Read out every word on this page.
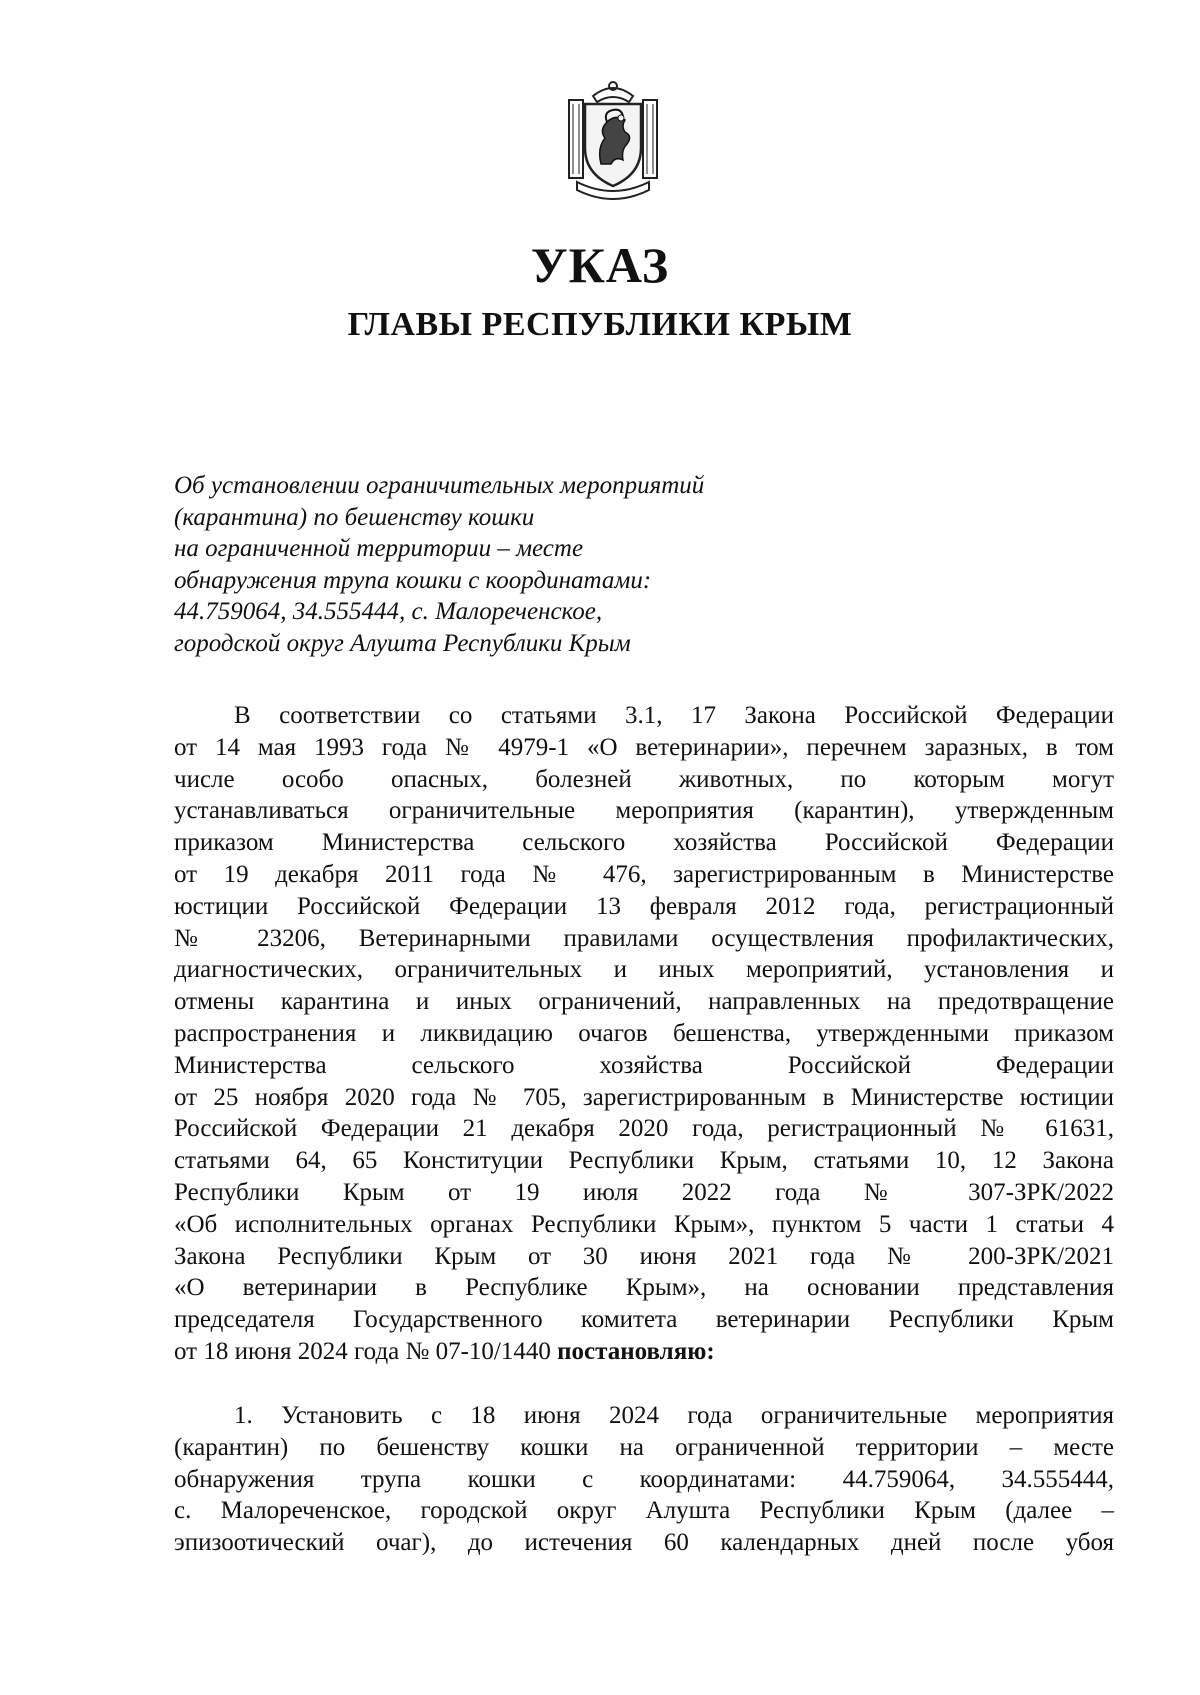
УКАЗ
ГЛАВЫ РЕСПУБЛИКИ КРЫМ
Об установлении ограничительных мероприятий
(карантина) по бешенству кошки
на ограниченной территории – месте
обнаружения трупа кошки с координатами:
44.759064, 34.555444, с. Малореченское,
городской округ Алушта Республики Крым
В соответствии со статьями 3.1, 17 Закона Российской Федерации
от 14 мая 1993 года № 4979-1 «О ветеринарии», перечнем заразных, в том
числе особо опасных, болезней животных, по которым могут
устанавливаться ограничительные мероприятия (карантин), утвержденным
приказом Министерства сельского хозяйства Российской Федерации
от 19 декабря 2011 года № 476, зарегистрированным в Министерстве
юстиции Российской Федерации 13 февраля 2012 года, регистрационный
№ 23206, Ветеринарными правилами осуществления профилактических,
диагностических, ограничительных и иных мероприятий, установления и
отмены карантина и иных ограничений, направленных на предотвращение
распространения и ликвидацию очагов бешенства, утвержденными приказом
Министерства сельского хозяйства Российской Федерации
от 25 ноября 2020 года № 705, зарегистрированным в Министерстве юстиции
Российской Федерации 21 декабря 2020 года, регистрационный № 61631,
статьями 64, 65 Конституции Республики Крым, статьями 10, 12 Закона
Республики Крым от 19 июля 2022 года № 307-ЗРК/2022
«Об исполнительных органах Республики Крым», пунктом 5 части 1 статьи 4
Закона Республики Крым от 30 июня 2021 года № 200-ЗРК/2021
«О ветеринарии в Республике Крым», на основании представления
председателя Государственного комитета ветеринарии Республики Крым
от 18 июня 2024 года № 07-10/1440 постановляю:
1. Установить с 18 июня 2024 года ограничительные мероприятия
(карантин) по бешенству кошки на ограниченной территории – месте
обнаружения трупа кошки с координатами: 44.759064, 34.555444,
с. Малореченское, городской округ Алушта Республики Крым (далее –
эпизоотический очаг), до истечения 60 календарных дней после убоя
